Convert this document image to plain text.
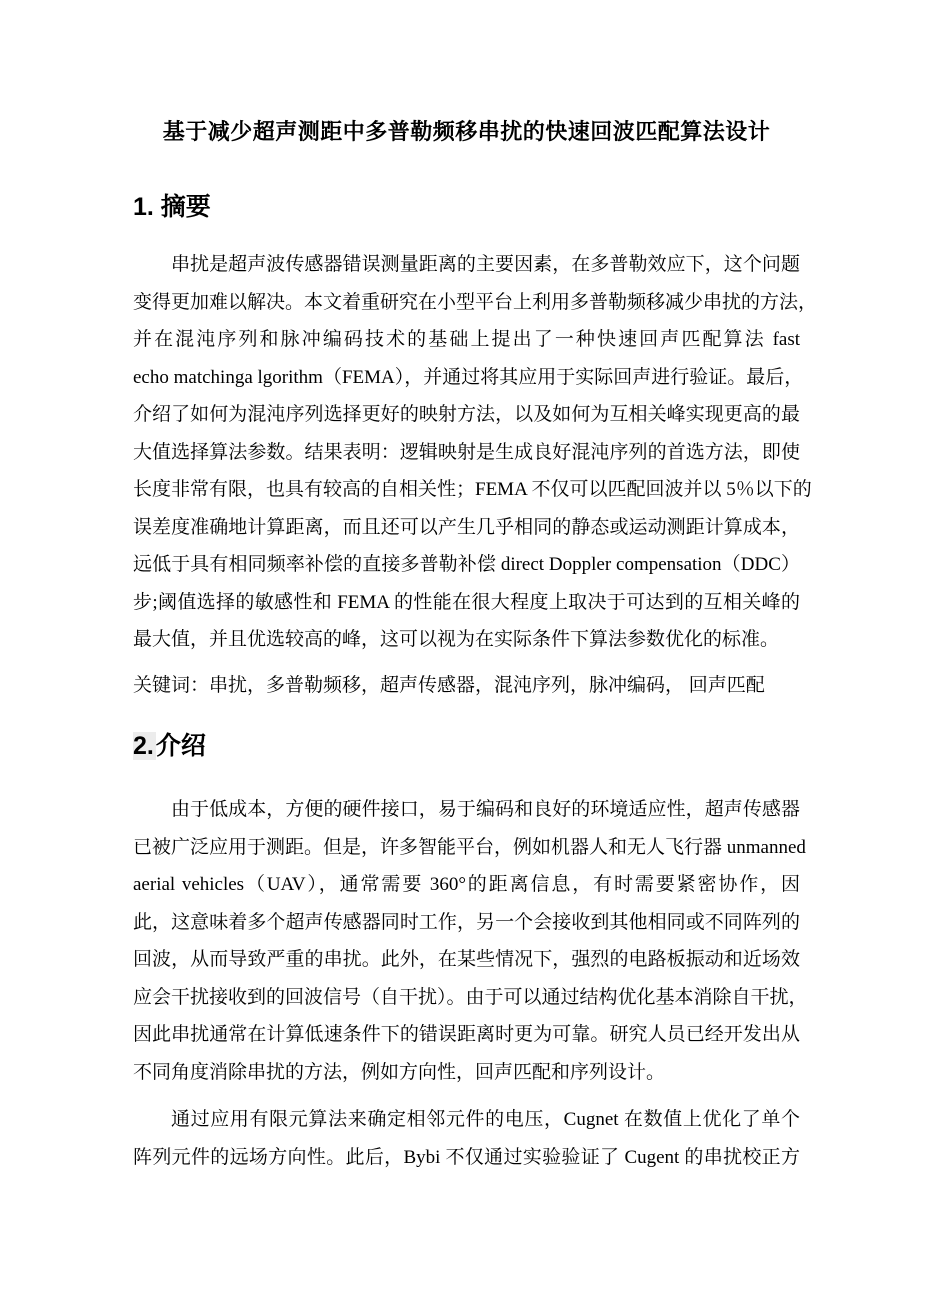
基于减少超声测距中多普勒频移串扰的快速回波匹配算法设计
1. 摘要
串扰是超声波传感器错误测量距离的主要因素，在多普勒效应下，这个问题
变得更加难以解决。本文着重研究在小型平台上利用多普勒频移减少串扰的方法，
并在混沌序列和脉冲编码技术的基础上提出了一种快速回声匹配算法 fast
echo matchinga lgorithm（FEMA），并通过将其应用于实际回声进行验证。最后，
介绍了如何为混沌序列选择更好的映射方法，以及如何为互相关峰实现更高的最
大值选择算法参数。结果表明：逻辑映射是生成良好混沌序列的首选方法，即使
长度非常有限，也具有较高的自相关性；FEMA 不仅可以匹配回波并以 5％以下的
误差度准确地计算距离，而且还可以产生几乎相同的静态或运动测距计算成本，
远低于具有相同频率补偿的直接多普勒补偿 direct Doppler compensation（DDC）
步;阈值选择的敏感性和 FEMA 的性能在很大程度上取决于可达到的互相关峰的
最大值，并且优选较高的峰，这可以视为在实际条件下算法参数优化的标准。
关键词：串扰，多普勒频移，超声传感器，混沌序列，脉冲编码， 回声匹配
2.介绍
由于低成本，方便的硬件接口，易于编码和良好的环境适应性，超声传感器
已被广泛应用于测距。但是，许多智能平台，例如机器人和无人飞行器 unmanned
aerial vehicles（UAV），通常需要 360°的距离信息，有时需要紧密协作，因
此，这意味着多个超声传感器同时工作，另一个会接收到其他相同或不同阵列的
回波，从而导致严重的串扰。此外，在某些情况下，强烈的电路板振动和近场效
应会干扰接收到的回波信号（自干扰）。由于可以通过结构优化基本消除自干扰，
因此串扰通常在计算低速条件下的错误距离时更为可靠。研究人员已经开发出从
不同角度消除串扰的方法，例如方向性，回声匹配和序列设计。
通过应用有限元算法来确定相邻元件的电压，Cugnet 在数值上优化了单个
阵列元件的远场方向性。此后，Bybi 不仅通过实验验证了 Cugent 的串扰校正方
